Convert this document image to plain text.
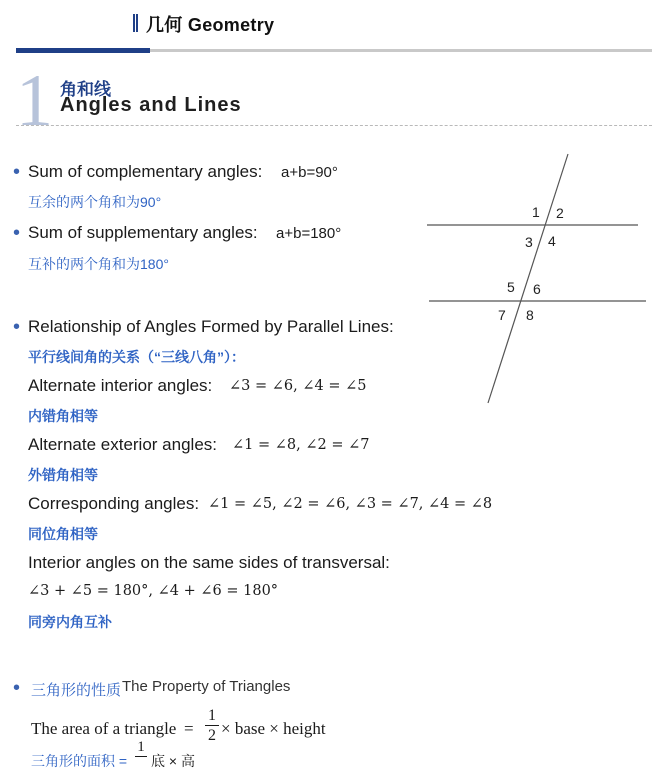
几何 Geometry
1 角和线
Angles and Lines
• Sum of complementary angles: a+b=90°
互余的两个角和为90°
• Sum of supplementary angles: a+b=180°
互补的两个角和为180°
1 2
3 4
5 6
7 8
• Relationship of Angles Formed by Parallel Lines:
平行线间角的关系（“三线八角”）：
Alternate interior angles: ∠3 = ∠6, ∠4 = ∠5
内错角相等
Alternate exterior angles: ∠1 = ∠8, ∠2 = ∠7
外错角相等
Corresponding angles: ∠1 = ∠5, ∠2 = ∠6, ∠3 = ∠7, ∠4 = ∠8
同位角相等
Interior angles on the same sides of transversal:
∠3 + ∠5 = 180°, ∠4 + ∠6 = 180°
同旁内角互补
• 三角形的性质 The Property of Triangles
The area of a triangle =
1
2 × base × height
三角形的面积 =
1
底 × 高
